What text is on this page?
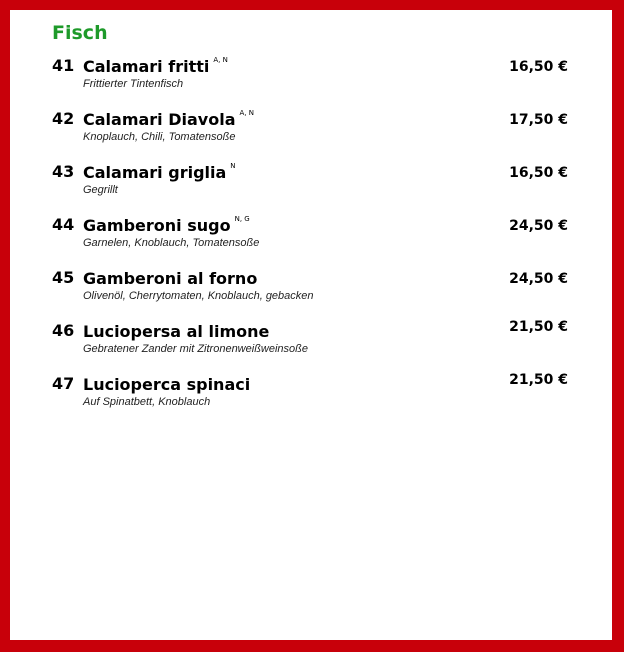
Fisch
41 Calamari fritti $^{A, N}$
Frittierter Tintenfisch
16,50 €
42 Calamari Diavola $^{A, N}$
Knoplauch, Chili, Tomatensoße
17,50 €
43 Calamari griglia $^N$
Gegrillt
16,50 €
44 Gamberoni sugo $^{N, G}$
Garnelen, Knoblauch, Tomatensoße
24,50 €
45 Gamberoni al forno
Olivenöl, Cherrytomaten, Knoblauch, gebacken
24,50 €
46 Luciopersa al limone
Gebratener Zander mit Zitronenweißweinsoße
21,50 €
47 Lucioperca spinaci
Auf Spinatbett, Knoblauch
21,50 €
